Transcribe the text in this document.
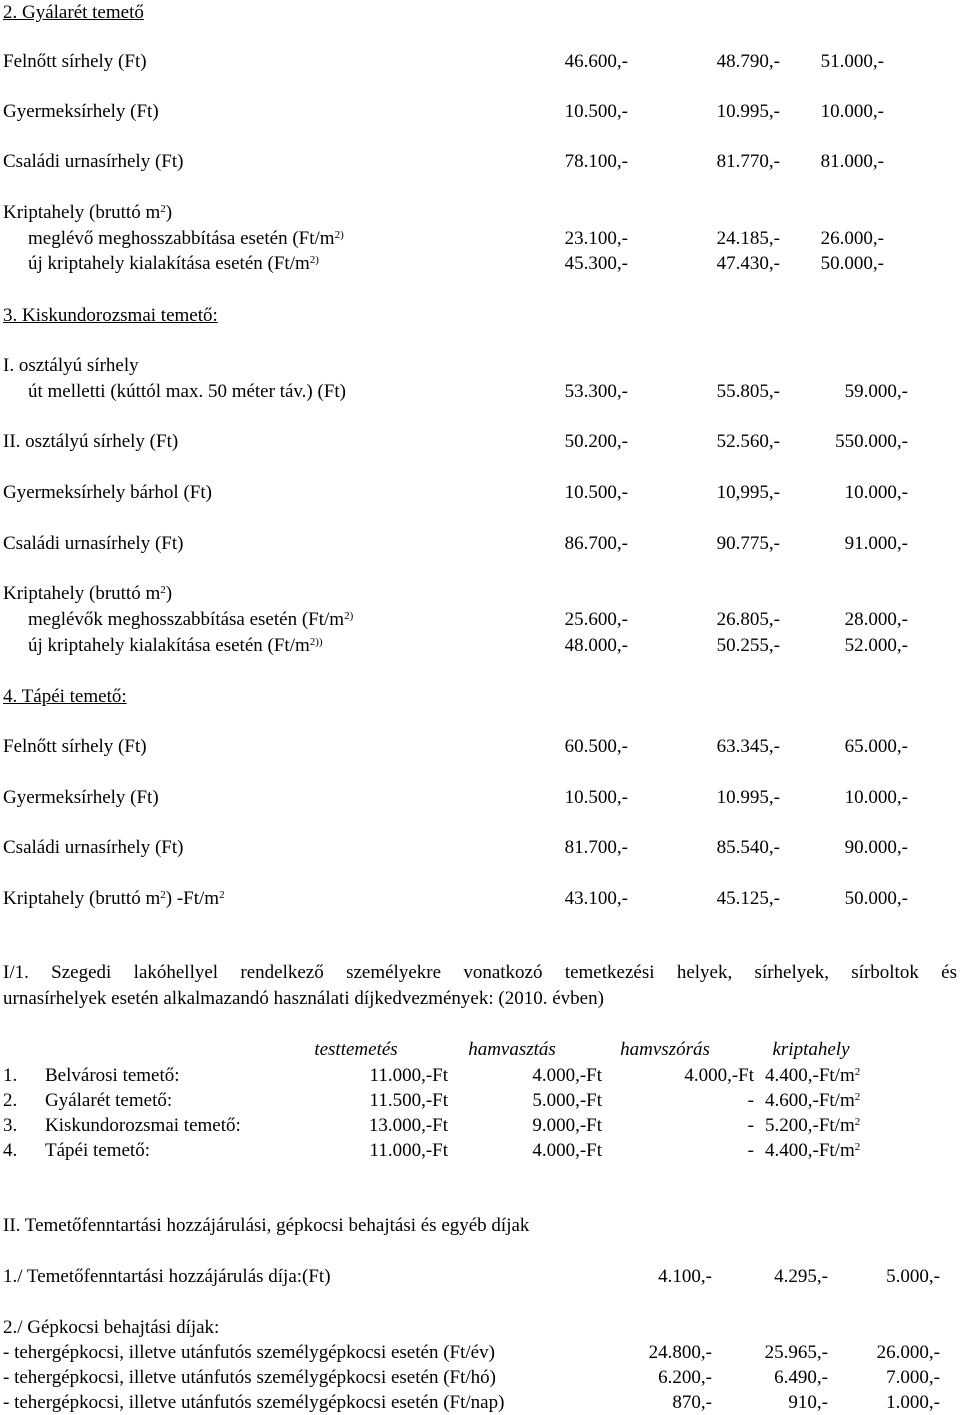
2. Gyálarét temető
Felnőtt sírhely (Ft)	46.600,-	48.790,-	51.000,-
Gyermeksírhely (Ft)	10.500,-	10.995,-	10.000,-
Családi urnasírhely (Ft)	78.100,-	81.770,-	81.000,-
Kriptahely (bruttó $m^2$)
meglévő meghosszabbítása esetén ($Ft/m^{2)}$	23.100,-	24.185,-	26.000,-
új kriptahely kialakítása esetén ($Ft/m^{2)}$	45.300,-	47.430,-	50.000,-
3. Kiskundorozsmai temető:
I. osztályú sírhely
út melletti (kúttól max. 50 méter táv.) (Ft)	53.300,-	55.805,-	59.000,-
II. osztályú sírhely (Ft)	50.200,-	52.560,-	550.000,-
Gyermeksírhely bárhol (Ft)	10.500,-	10,995,-	10.000,-
Családi urnasírhely (Ft)	86.700,-	90.775,-	91.000,-
Kriptahely (bruttó $m^2$)
meglévők meghosszabbítása esetén ($Ft/m^{2)}$	25.600,-	26.805,-	28.000,-
új kriptahely kialakítása esetén ($Ft/m^{2))}$	48.000,-	50.255,-	52.000,-
4. Tápéi temető:
Felnőtt sírhely (Ft)	60.500,-	63.345,-	65.000,-
Gyermeksírhely (Ft)	10.500,-	10.995,-	10.000,-
Családi urnasírhely (Ft)	81.700,-	85.540,-	90.000,-
Kriptahely (bruttó $m^2$) $-Ft/m^2$	43.100,-	45.125,-	50.000,-
I/1. Szegedi lakóhellyel rendelkező személyekre vonatkozó temetkezési helyek, sírhelyek, sírboltok és
urnasírhelyek esetén alkalmazandó használati díjkedvezmények: (2010. évben)
testtemetés	hamvasztás	hamvszórás	kriptahely
1. Belvárosi temető:	11.000,-Ft	4.000,-Ft	4.000,-Ft $4.400,-Ft/m^2$
2. Gyálarét temető:	11.500,-Ft	5.000,-Ft	- $4.600,-Ft/m^2$
3. Kiskundorozsmai temető:	13.000,-Ft	9.000,-Ft	- $5.200,-Ft/m^2$
4. Tápéi temető:	11.000,-Ft	4.000,-Ft	- $4.400,-Ft/m^2$
II. Temetőfenntartási hozzájárulási, gépkocsi behajtási és egyéb díjak
1./ Temetőfenntartási hozzájárulás díja:(Ft)	4.100,-	4.295,-	5.000,-
2./ Gépkocsi behajtási díjak:
- tehergépkocsi, illetve utánfutós személygépkocsi esetén (Ft/év)	24.800,-	25.965,-	26.000,-
- tehergépkocsi, illetve utánfutós személygépkocsi esetén (Ft/hó)	6.200,-	6.490,-	7.000,-
- tehergépkocsi, illetve utánfutós személygépkocsi esetén (Ft/nap)	870,-	910,-	1.000,-
